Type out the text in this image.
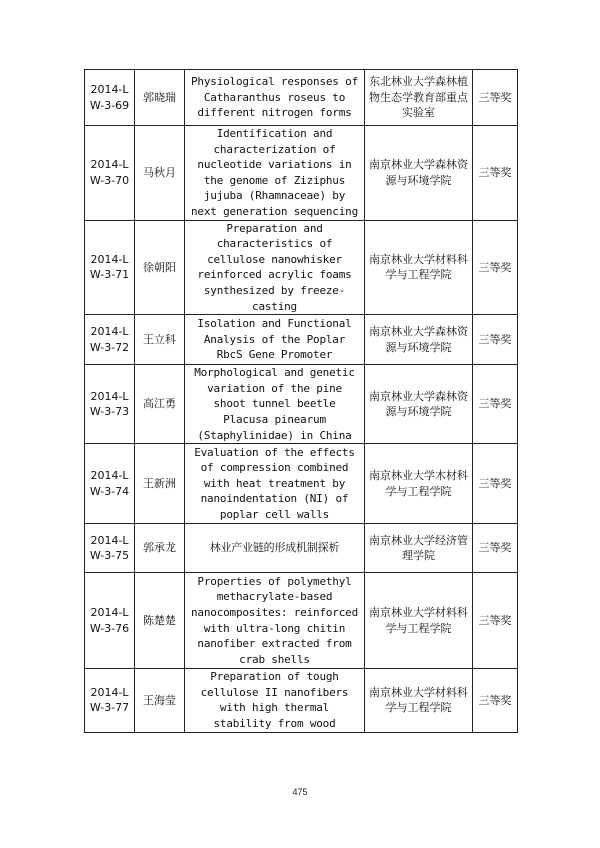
2014-L W-3-69	郭晓瑞	Physiological responses of Catharanthus roseus to different nitrogen forms	东北林业大学森林植物生态学教育部重点实验室	三等奖
2014-L W-3-70	马秋月	Identification and characterization of nucleotide variations in the genome of Ziziphus jujuba (Rhamnaceae) by next generation sequencing	南京林业大学森林资源与环境学院	三等奖
2014-L W-3-71	徐朝阳	Preparation and characteristics of cellulose nanowhisker reinforced acrylic foams synthesized by freeze-casting	南京林业大学材料科学与工程学院	三等奖
2014-L W-3-72	王立科	Isolation and Functional Analysis of the Poplar RbcS Gene Promoter	南京林业大学森林资源与环境学院	三等奖
2014-L W-3-73	高江勇	Morphological and genetic variation of the pine shoot tunnel beetle Placusa pinearum (Staphylinidae) in China	南京林业大学森林资源与环境学院	三等奖
2014-L W-3-74	王新洲	Evaluation of the effects of compression combined with heat treatment by nanoindentation (NI) of poplar cell walls	南京林业大学木材科学与工程学院	三等奖
2014-L W-3-75	郭承龙	林业产业链的形成机制探析	南京林业大学经济管理学院	三等奖
2014-L W-3-76	陈楚楚	Properties of polymethyl methacrylate-based nanocomposites: reinforced with ultra-long chitin nanofiber extracted from crab shells	南京林业大学材料科学与工程学院	三等奖
2014-L W-3-77	王海莹	Preparation of tough cellulose II nanofibers with high thermal stability from wood	南京林业大学材料科学与工程学院	三等奖
475
